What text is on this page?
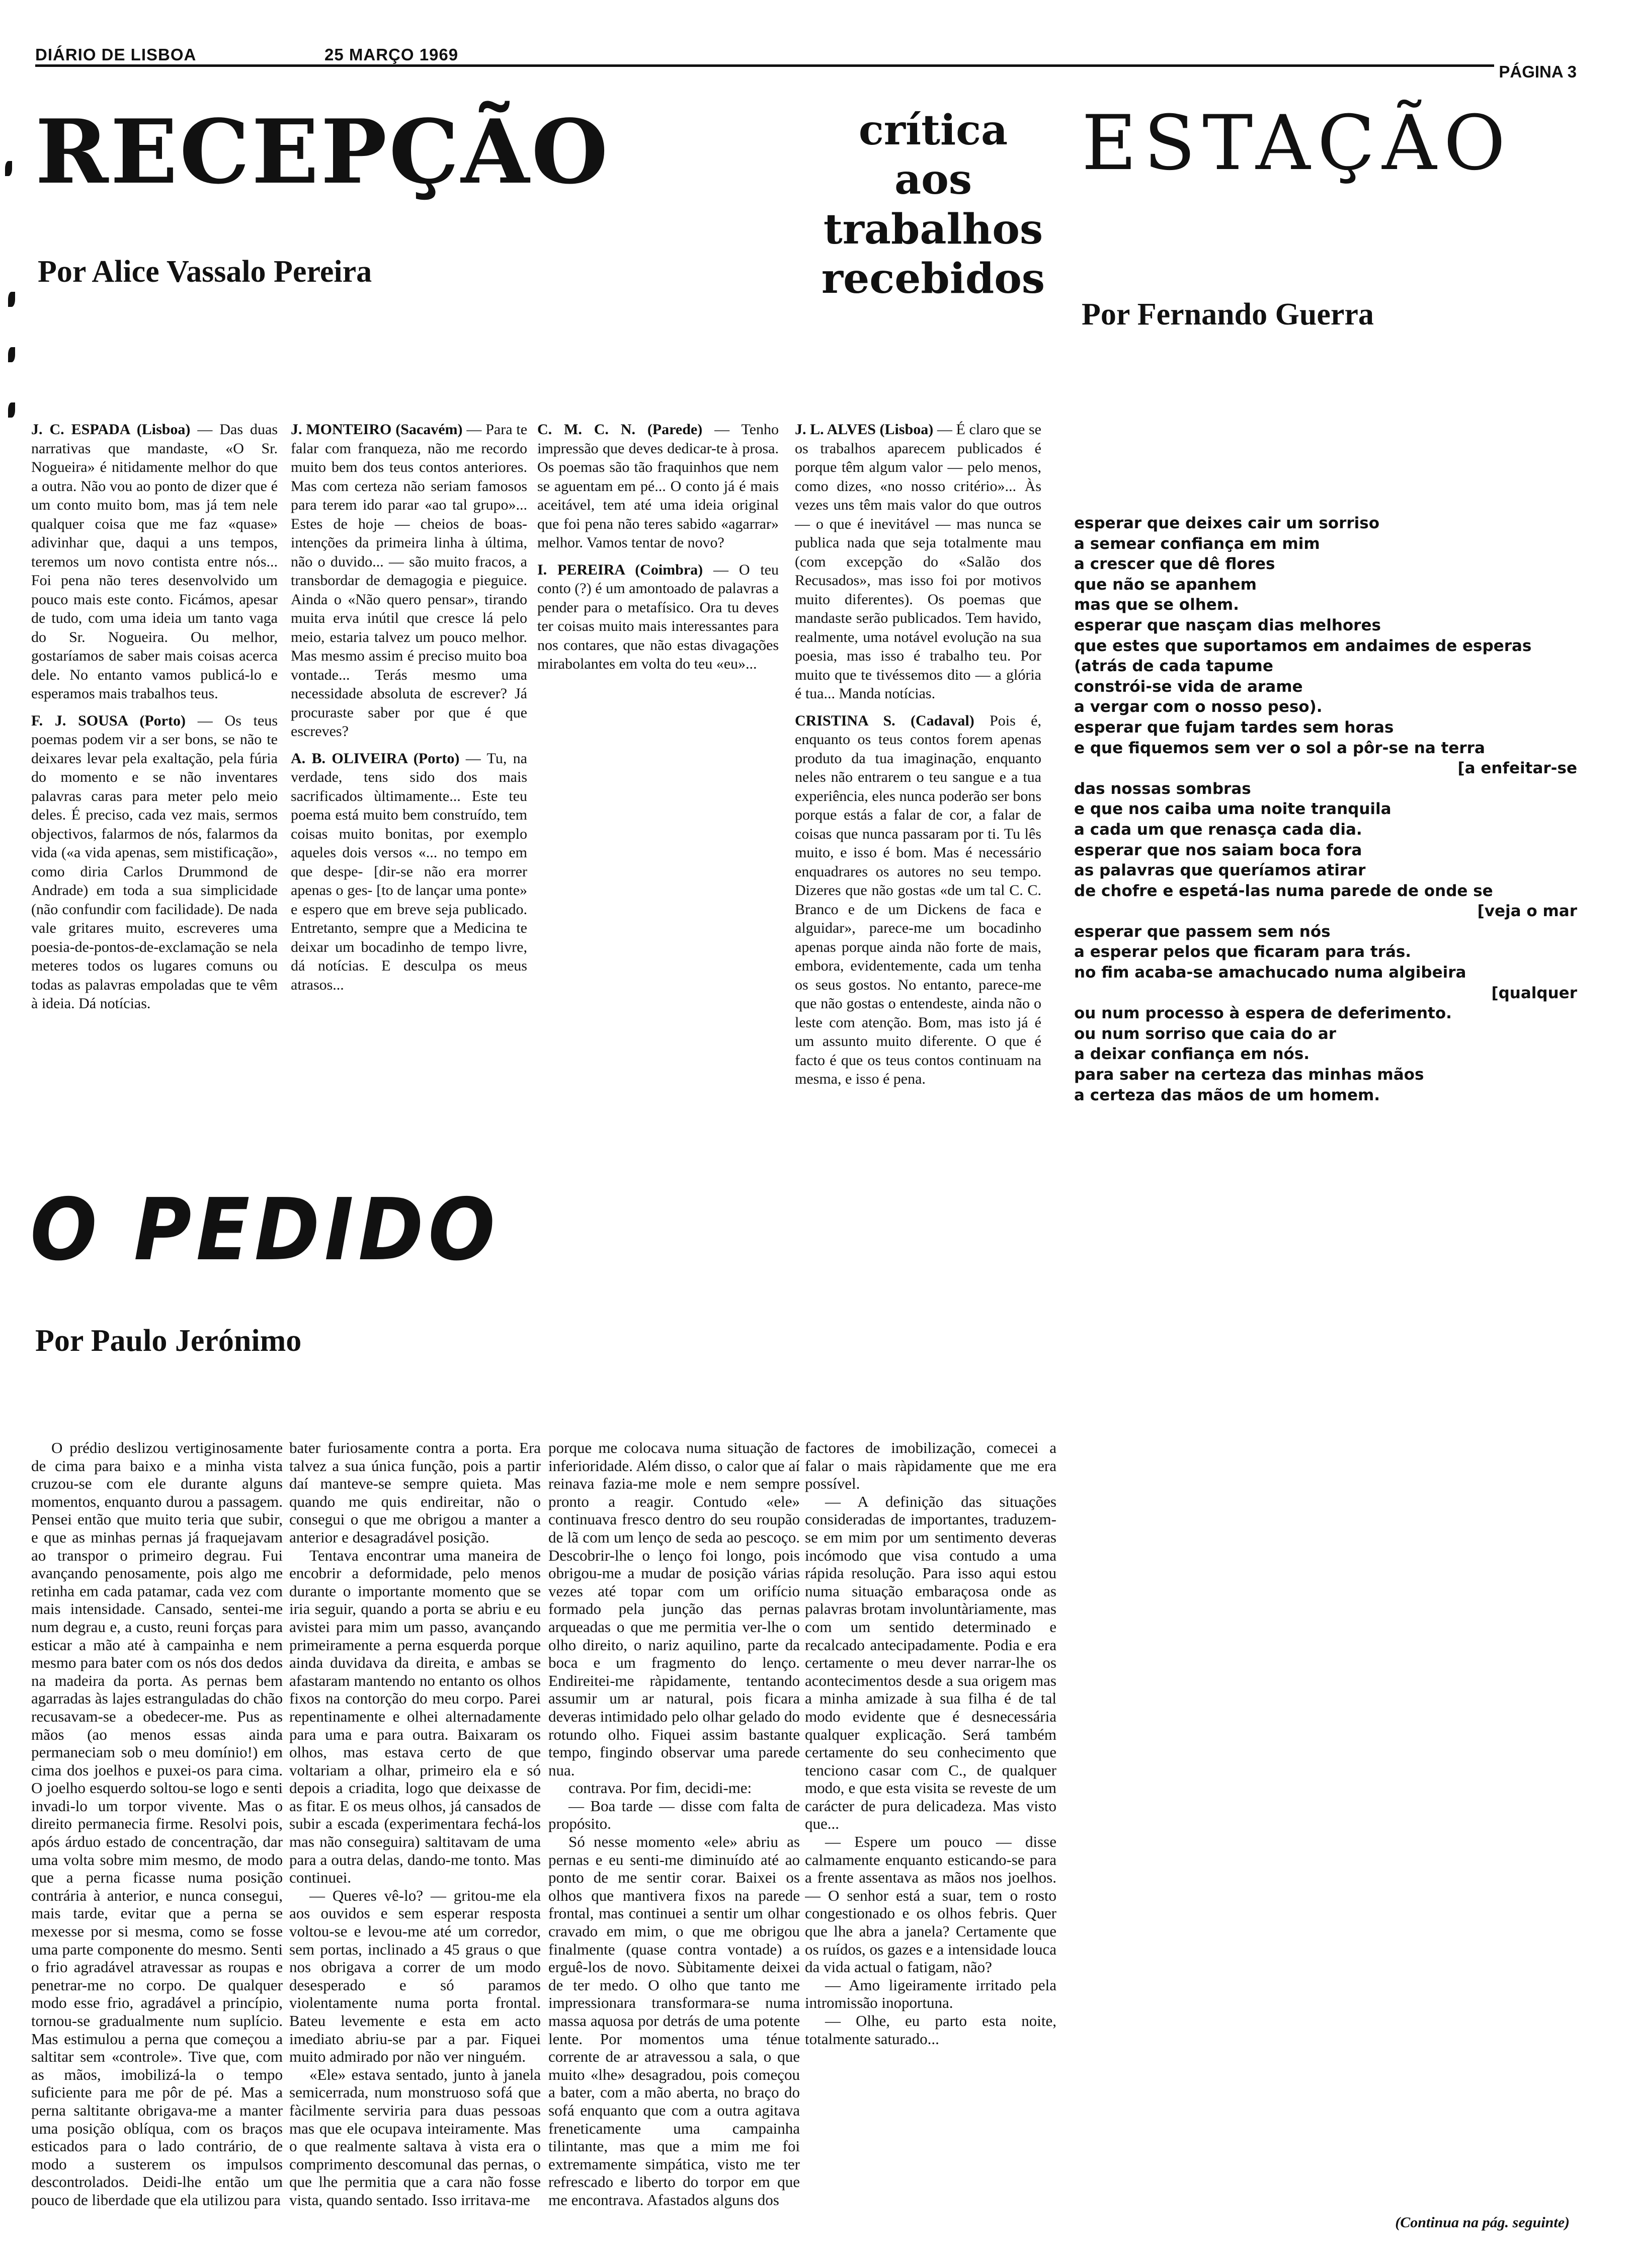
DIÁRIO DE LISBOA	25 MARÇO 1969
PÁGINA 3
RECEPÇÃO	crítica aos trabalhos recebidos
ESTAÇÃO
Por Alice Vassalo Pereira
Por Fernando Guerra

J. C. ESPADA (Lisboa) — Das duas narrativas que mandaste, «O Sr. Nogueira» é nitidamente melhor do que a outra. Não vou ao ponto de dizer que é um conto muito bom, mas já tem nele qualquer coisa que me faz «quase» adivinhar que, daqui a uns tempos, teremos um novo contista entre nós... Foi pena não teres desenvolvido um pouco mais este conto. Ficámos, apesar de tudo, com uma ideia um tanto vaga do Sr. Nogueira. Ou melhor, gostaríamos de saber mais coisas acerca dele. No entanto vamos publicá-lo e esperamos mais trabalhos teus.

F. J. SOUSA (Porto) — Os teus poemas podem vir a ser bons, se não te deixares levar pela exaltação, pela fúria do momento e se não inventares palavras caras para meter pelo meio deles. É preciso, cada vez mais, sermos objectivos, falarmos de nós, falarmos da vida («a vida apenas, sem mistificação», como diria Carlos Drummond de Andrade) em toda a sua simplicidade (não confundir com facilidade). De nada vale gritares muito, escreveres uma poesia-de-pontos-de-exclamação se nela meteres todos os lugares comuns ou todas as palavras empoladas que te vêm à ideia. Dá notícias.

J. MONTEIRO (Sacavém) — Para te falar com franqueza, não me recordo muito bem dos teus contos anteriores. Mas com certeza não seriam famosos para terem ido parar «ao tal grupo»... Estes de hoje — cheios de boas-intenções da primeira linha à última, não o duvido... — são muito fracos, a transbordar de demagogia e pieguice. Ainda o «Não quero pensar», tirando muita erva inútil que cresce lá pelo meio, estaria talvez um pouco melhor. Mas mesmo assim é preciso muito boa vontade... Terás mesmo uma necessidade absoluta de escrever? Já procuraste saber por que é que escreves?

A. B. OLIVEIRA (Porto) — Tu, na verdade, tens sido dos mais sacrificados ùltimamente... Este teu poema está muito bem construído, tem coisas muito bonitas, por exemplo aqueles dois versos «... no tempo em que despe- [dir-se não era morrer apenas o ges- [to de lançar uma ponte» e espero que em breve seja publicado. Entretanto, sempre que a Medicina te deixar um bocadinho de tempo livre, dá notícias. E desculpa os meus atrasos...

C. M. C. N. (Parede) — Tenho impressão que deves dedicar-te à prosa. Os poemas são tão fraquinhos que nem se aguentam em pé... O conto já é mais aceitável, tem até uma ideia original que foi pena não teres sabido «agarrar» melhor. Vamos tentar de novo?

I. PEREIRA (Coimbra) — O teu conto (?) é um amontoado de palavras a pender para o metafísico. Ora tu deves ter coisas muito mais interessantes para nos contares, que não estas divagações mirabolantes em volta do teu «eu»...

J. L. ALVES (Lisboa) — É claro que se os trabalhos aparecem publicados é porque têm algum valor — pelo menos, como dizes, «no nosso critério»... Às vezes uns têm mais valor do que outros — o que é inevitável — mas nunca se publica nada que seja totalmente mau (com excepção do «Salão dos Recusados», mas isso foi por motivos muito diferentes). Os poemas que mandaste serão publicados. Tem havido, realmente, uma notável evolução na sua poesia, mas isso é trabalho teu. Por muito que te tivéssemos dito — a glória é tua... Manda notícias.

CRISTINA S. (Cadaval) Pois é, enquanto os teus contos forem apenas produto da tua imaginação, enquanto neles não entrarem o teu sangue e a tua experiência, eles nunca poderão ser bons porque estás a falar de cor, a falar de coisas que nunca passaram por ti. Tu lês muito, e isso é bom. Mas é necessário enquadrares os autores no seu tempo. Dizeres que não gostas «de um tal C. C. Branco e de um Dickens de faca e alguidar», parece-me um bocadinho apenas porque ainda não forte de mais, embora, evidentemente, cada um tenha os seus gostos. No entanto, parece-me que não gostas o entendeste, ainda não o leste com atenção. Bom, mas isto já é um assunto muito diferente. O que é facto é que os teus contos continuam na mesma, e isso é pena.

esperar que deixes cair um sorriso
a semear confiança em mim
a crescer que dê flores
que não se apanhem
mas que se olhem.
esperar que nasçam dias melhores
que estes que suportamos em andaimes de esperas
(atrás de cada tapume
constrói-se vida de arame
a vergar com o nosso peso).
esperar que fujam tardes sem horas
e que fiquemos sem ver o sol a pôr-se na terra
[a enfeitar-se
das nossas sombras
e que nos caiba uma noite tranquila
a cada um que renasça cada dia.
esperar que nos saiam boca fora
as palavras que queríamos atirar
de chofre e espetá-las numa parede de onde se
[veja o mar
esperar que passem sem nós
a esperar pelos que ficaram para trás.
no fim acaba-se amachucado numa algibeira
[qualquer
ou num processo à espera de deferimento.
ou num sorriso que caia do ar
a deixar confiança em nós.
para saber na certeza das minhas mãos
a certeza das mãos de um homem.
O PEDIDO
Por Paulo Jerónimo

O prédio deslizou vertiginosamente de cima para baixo e a minha vista cruzou-se com ele durante alguns momentos, enquanto durou a passagem. Pensei então que muito teria que subir, e que as minhas pernas já fraquejavam ao transpor o primeiro degrau. Fui avançando penosamente, pois algo me retinha em cada patamar, cada vez com mais intensidade. Cansado, sentei-me num degrau e, a custo, reuni forças para esticar a mão até à campainha e nem mesmo para bater com os nós dos dedos na madeira da porta. As pernas bem agarradas às lajes estranguladas do chão recusavam-se a obedecer-me. Pus as mãos (ao menos essas ainda permaneciam sob o meu domínio!) em cima dos joelhos e puxei-os para cima. O joelho esquerdo soltou-se logo e senti invadi-lo um torpor vivente. Mas o direito permanecia firme. Resolvi pois, após árduo estado de concentração, dar uma volta sobre mim mesmo, de modo que a perna ficasse numa posição contrária à anterior, e nunca consegui, mais tarde, evitar que a perna se mexesse por si mesma, como se fosse uma parte componente do mesmo. Senti o frio agradável atravessar as roupas e penetrar-me no corpo. De qualquer modo esse frio, agradável a princípio, tornou-se gradualmente num suplício. Mas estimulou a perna que começou a saltitar sem «controle». Tive que, com as mãos, imobilizá-la o tempo suficiente para me pôr de pé. Mas a perna saltitante obrigava-me a manter uma posição oblíqua, com os braços esticados para o lado contrário, de modo a susterem os impulsos descontrolados. Deidi-lhe então um pouco de liberdade que ela utilizou para

bater furiosamente contra a porta. Era talvez a sua única função, pois a partir daí manteve-se sempre quieta. Mas quando me quis endireitar, não o consegui o que me obrigou a manter a anterior e desagradável posição.

Tentava encontrar uma maneira de encobrir a deformidade, pelo menos durante o importante momento que se iria seguir, quando a porta se abriu e eu avistei para mim um passo, avançando primeiramente a perna esquerda porque ainda duvidava da direita, e ambas se afastaram mantendo no entanto os olhos fixos na contorção do meu corpo. Parei repentinamente e olhei alternadamente para uma e para outra. Baixaram os olhos, mas estava certo de que voltariam a olhar, primeiro ela e só depois a criadita, logo que deixasse de as fitar. E os meus olhos, já cansados de subir a escada (experimentara fechá-los mas não conseguira) saltitavam de uma para a outra delas, dando-me tonto. Mas continuei.

— Queres vê-lo? — gritou-me ela aos ouvidos e sem esperar resposta voltou-se e levou-me até um corredor, sem portas, inclinado a 45 graus o que nos obrigava a correr de um modo desesperado e só paramos violentamente numa porta frontal. Bateu levemente e esta em acto imediato abriu-se par a par. Fiquei muito admirado por não ver ninguém.

«Ele» estava sentado, junto à janela semicerrada, num monstruoso sofá que fàcilmente serviria para duas pessoas mas que ele ocupava inteiramente. Mas o que realmente saltava à vista era o comprimento descomunal das pernas, o que lhe permitia que a cara não fosse vista, quando sentado. Isso irritava-me

porque me colocava numa situação de inferioridade. Além disso, o calor que aí reinava fazia-me mole e nem sempre pronto a reagir. Contudo «ele» continuava fresco dentro do seu roupão de lã com um lenço de seda ao pescoço. Descobrir-lhe o lenço foi longo, pois obrigou-me a mudar de posição várias vezes até topar com um orifício formado pela junção das pernas arqueadas o que me permitia ver-lhe o olho direito, o nariz aquilino, parte da boca e um fragmento do lenço. Endireitei-me ràpidamente, tentando assumir um ar natural, pois ficara deveras intimidado pelo olhar gelado do rotundo olho. Fiquei assim bastante tempo, fingindo observar uma parede nua.

contrava. Por fim, decidi-me:

— Boa tarde — disse com falta de propósito.

Só nesse momento «ele» abriu as pernas e eu senti-me diminuído até ao ponto de me sentir corar. Baixei os olhos que mantivera fixos na parede frontal, mas continuei a sentir um olhar cravado em mim, o que me obrigou finalmente (quase contra vontade) a erguê-los de novo. Sùbitamente deixei de ter medo. O olho que tanto me impressionara transformara-se numa massa aquosa por detrás de uma potente lente. Por momentos uma ténue corrente de ar atravessou a sala, o que muito «lhe» desagradou, pois começou a bater, com a mão aberta, no braço do sofá enquanto que com a outra agitava freneticamente uma campainha tilintante, mas que a mim me foi extremamente simpática, visto me ter refrescado e liberto do torpor em que me encontrava. Afastados alguns dos

factores de imobilização, comecei a falar o mais ràpidamente que me era possível.

— A definição das situações consideradas de importantes, traduzem-se em mim por um sentimento deveras incómodo que visa contudo a uma rápida resolução. Para isso aqui estou numa situação embaraçosa onde as palavras brotam involuntàriamente, mas com um sentido determinado e recalcado antecipadamente. Podia e era certamente o meu dever narrar-lhe os acontecimentos desde a sua origem mas a minha amizade à sua filha é de tal modo evidente que é desnecessária qualquer explicação. Será também certamente do seu conhecimento que tenciono casar com C., de qualquer modo, e que esta visita se reveste de um carácter de pura delicadeza. Mas visto que...

— Espere um pouco — disse calmamente enquanto esticando-se para a frente assentava as mãos nos joelhos. — O senhor está a suar, tem o rosto congestionado e os olhos febris. Quer que lhe abra a janela? Certamente que os ruídos, os gazes e a intensidade louca da vida actual o fatigam, não?

— Amo ligeiramente irritado pela intromissão inoportuna.

— Olhe, eu parto esta noite, totalmente saturado...

(Continua na pág. seguinte)
